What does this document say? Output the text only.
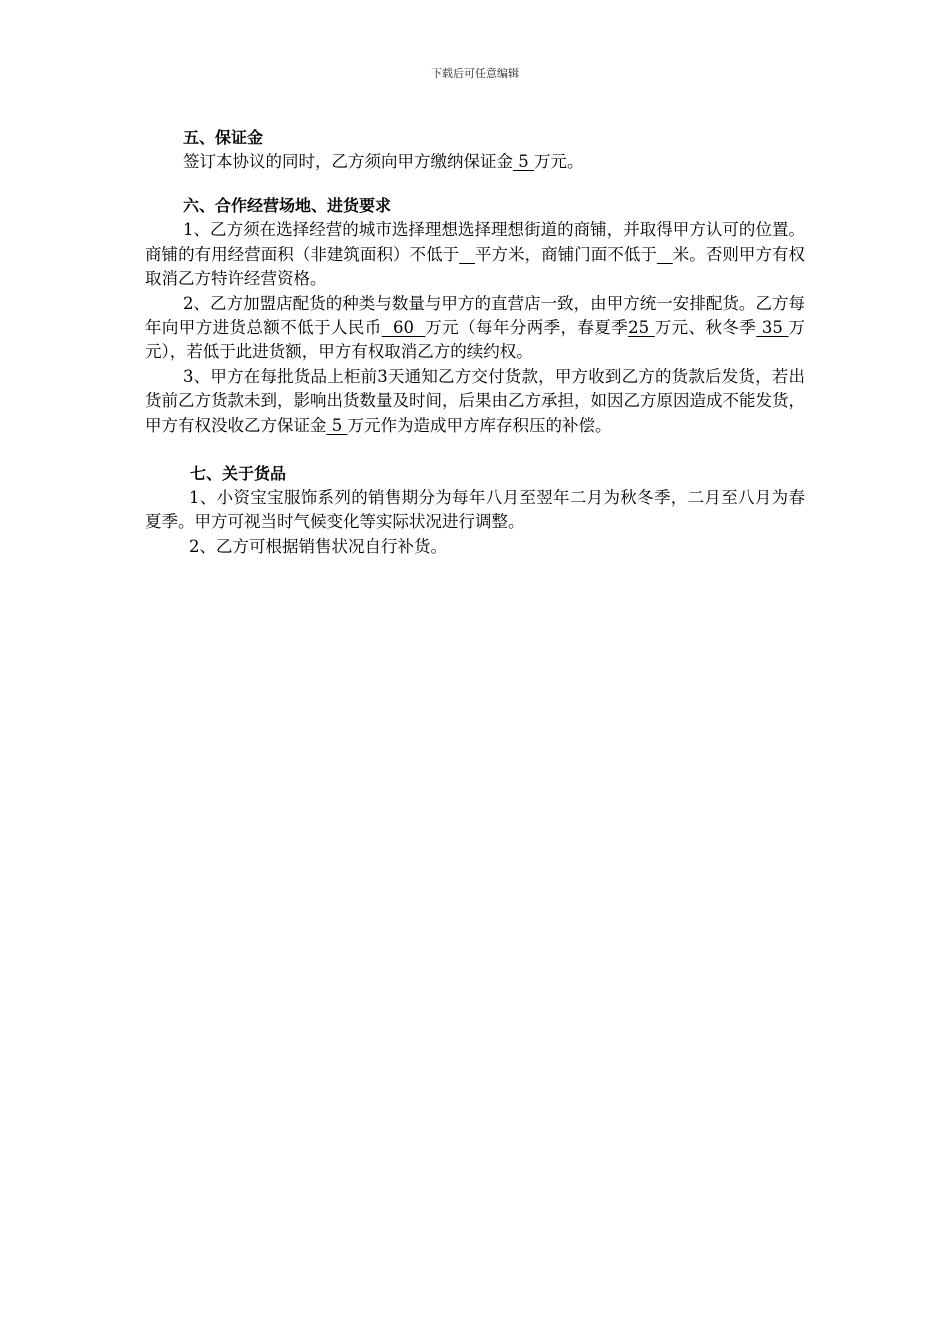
下载后可任意编辑
五、保证金

签订本协议的同时，乙方须向甲方缴纳保证金 5 万元。

六、合作经营场地、进货要求

1、乙方须在选择经营的城市选择理想选择理想街道的商铺，并取得甲方认可的位置。商铺的有用经营面积（非建筑面积）不低于 平方米，商铺门面不低于 米。否则甲方有权取消乙方特许经营资格。

2、乙方加盟店配货的种类与数量与甲方的直营店一致，由甲方统一安排配货。乙方每年向甲方进货总额不低于人民币  60  万元（每年分两季，春夏季25 万元、秋冬季 35 万元），若低于此进货额，甲方有权取消乙方的续约权。

3、甲方在每批货品上柜前3天通知乙方交付货款，甲方收到乙方的货款后发货，若出货前乙方货款未到，影响出货数量及时间，后果由乙方承担，如因乙方原因造成不能发货，甲方有权没收乙方保证金 5 万元作为造成甲方库存积压的补偿。

七、关于货品

1、小资宝宝服饰系列的销售期分为每年八月至翌年二月为秋冬季，二月至八月为春夏季。甲方可视当时气候变化等实际状况进行调整。

2、乙方可根据销售状况自行补货。
